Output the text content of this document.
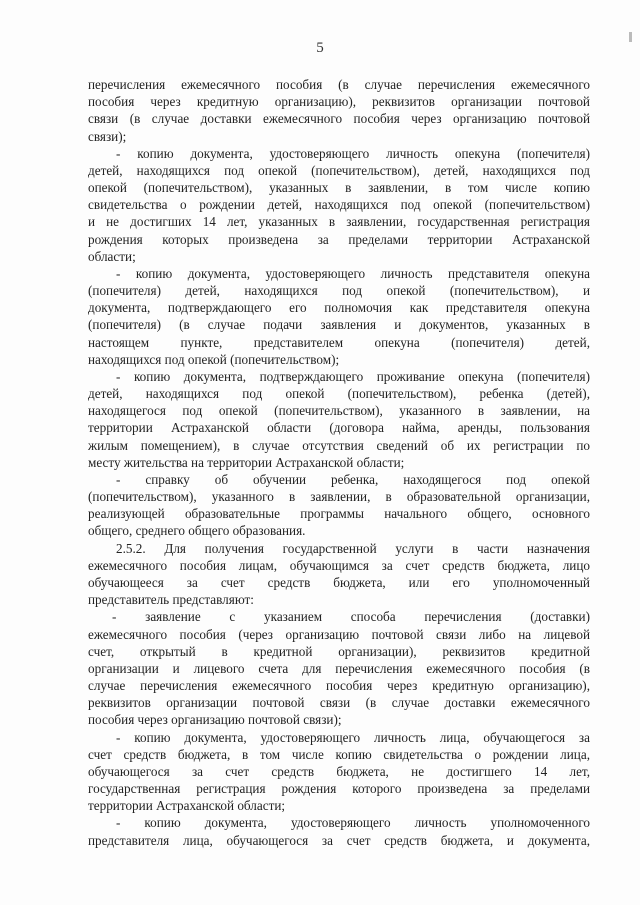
5
перечисления ежемесячного пособия (в случае перечисления ежемесячного
пособия через кредитную организацию), реквизитов организации почтовой
связи (в случае доставки ежемесячного пособия через организацию почтовой
связи);
- копию документа, удостоверяющего личность опекуна (попечителя)
детей, находящихся под опекой (попечительством), детей, находящихся под
опекой (попечительством), указанных в заявлении, в том числе копию
свидетельства о рождении детей, находящихся под опекой (попечительством)
и не достигших 14 лет, указанных в заявлении, государственная регистрация
рождения которых произведена за пределами территории Астраханской
области;
- копию документа, удостоверяющего личность представителя опекуна
(попечителя) детей, находящихся под опекой (попечительством), и
документа, подтверждающего его полномочия как представителя опекуна
(попечителя) (в случае подачи заявления и документов, указанных в
настоящем пункте, представителем опекуна (попечителя) детей,
находящихся под опекой (попечительством);
- копию документа, подтверждающего проживание опекуна (попечителя)
детей, находящихся под опекой (попечительством), ребенка (детей),
находящегося под опекой (попечительством), указанного в заявлении, на
территории Астраханской области (договора найма, аренды, пользования
жилым помещением), в случае отсутствия сведений об их регистрации по
месту жительства на территории Астраханской области;
- справку об обучении ребенка, находящегося под опекой
(попечительством), указанного в заявлении, в образовательной организации,
реализующей образовательные программы начального общего, основного
общего, среднего общего образования.
2.5.2. Для получения государственной услуги в части назначения
ежемесячного пособия лицам, обучающимся за счет средств бюджета, лицо
обучающееся за счет средств бюджета, или его уполномоченный
представитель представляют:
- заявление с указанием способа перечисления (доставки)
ежемесячного пособия (через организацию почтовой связи либо на лицевой
счет, открытый в кредитной организации), реквизитов кредитной
организации и лицевого счета для перечисления ежемесячного пособия (в
случае перечисления ежемесячного пособия через кредитную организацию),
реквизитов организации почтовой связи (в случае доставки ежемесячного
пособия через организацию почтовой связи);
- копию документа, удостоверяющего личность лица, обучающегося за
счет средств бюджета, в том числе копию свидетельства о рождении лица,
обучающегося за счет средств бюджета, не достигшего 14 лет,
государственная регистрация рождения которого произведена за пределами
территории Астраханской области;
- копию документа, удостоверяющего личность уполномоченного
представителя лица, обучающегося за счет средств бюджета, и документа,
